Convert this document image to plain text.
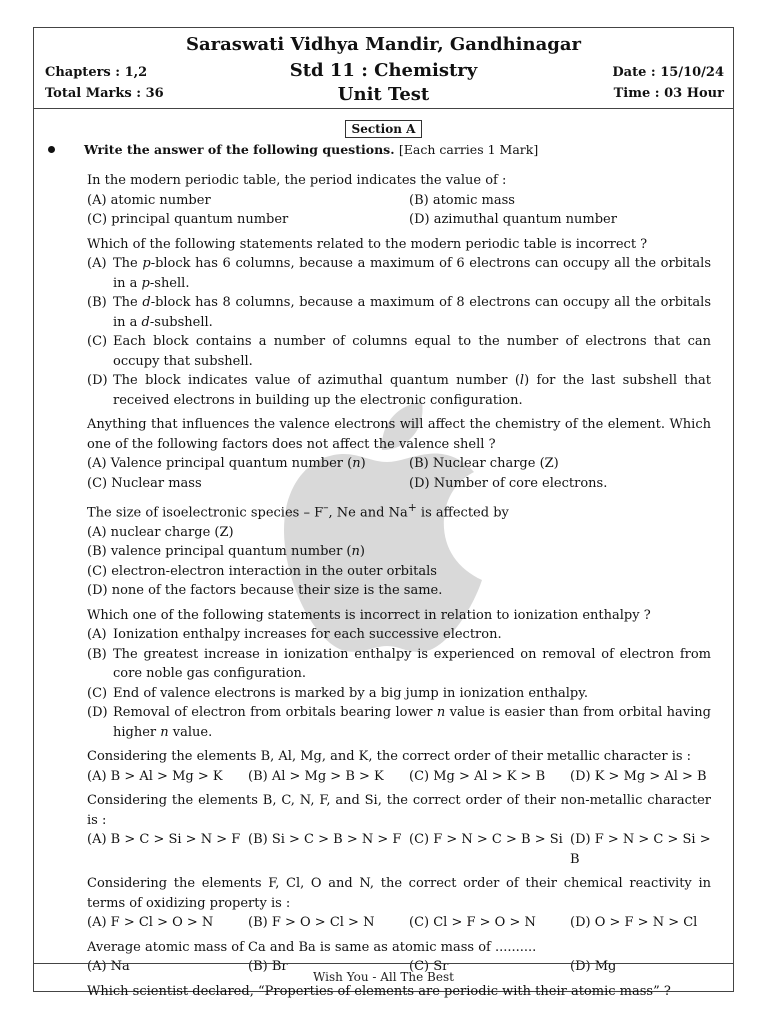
Saraswati Vidhya Mandir, Gandhinagar
Std 11 : Chemistry
Unit Test
Chapters : 1,2
Total Marks : 36
Date : 15/10/24
Time : 03 Hour
Section A
Write the answer of the following questions. [Each carries 1 Mark]
In the modern periodic table, the period indicates the value of :
(A) atomic number	(B) atomic mass
(C) principal quantum number	(D) azimuthal quantum number
Which of the following statements related to the modern periodic table is incorrect ?
(A) The p-block has 6 columns, because a maximum of 6 electrons can occupy all the orbitals in a p-shell.
(B) The d-block has 8 columns, because a maximum of 8 electrons can occupy all the orbitals in a d-subshell.
(C) Each block contains a number of columns equal to the number of electrons that can occupy that subshell.
(D) The block indicates value of azimuthal quantum number (l) for the last subshell that received electrons in building up the electronic configuration.
Anything that influences the valence electrons will affect the chemistry of the element. Which one of the following factors does not affect the valence shell ?
(A) Valence principal quantum number (n)	(B) Nuclear charge (Z)
(C) Nuclear mass	(D) Number of core electrons.
The size of isoelectronic species – F–, Ne and Na+ is affected by
(A) nuclear charge (Z)
(B) valence principal quantum number ( n )
(C) electron-electron interaction in the outer orbitals
(D) none of the factors because their size is the same.
Which one of the following statements is incorrect in relation to ionization enthalpy ?
(A) Ionization enthalpy increases for each successive electron.
(B) The greatest increase in ionization enthalpy is experienced on removal of electron from core noble gas configuration.
(C) End of valence electrons is marked by a big jump in ionization enthalpy.
(D) Removal of electron from orbitals bearing lower n value is easier than from orbital having higher n value.
Considering the elements B, Al, Mg, and K, the correct order of their metallic character is :
(A) B > Al > Mg > K	(B) Al > Mg > B > K	(C) Mg > Al > K > B	(D) K > Mg > Al > B
Considering the elements B, C, N, F, and Si, the correct order of their non-metallic character is :
(A) B > C > Si > N > F (B) Si > C > B > N > F (C) F > N > C > B > Si (D) F > N > C > Si > B
Considering the elements F, Cl, O and N, the correct order of their chemical reactivity in terms of oxidizing property is :
(A) F > Cl > O > N	(B) F > O > Cl > N	(C) Cl > F > O > N	(D) O > F > N > Cl
Average atomic mass of Ca and Ba is same as atomic mass of ..........
(A) Na	(B) Br	(C) Sr	(D) Mg
Which scientist declared, “Properties of elements are periodic with their atomic mass” ?
Wish You - All The Best
